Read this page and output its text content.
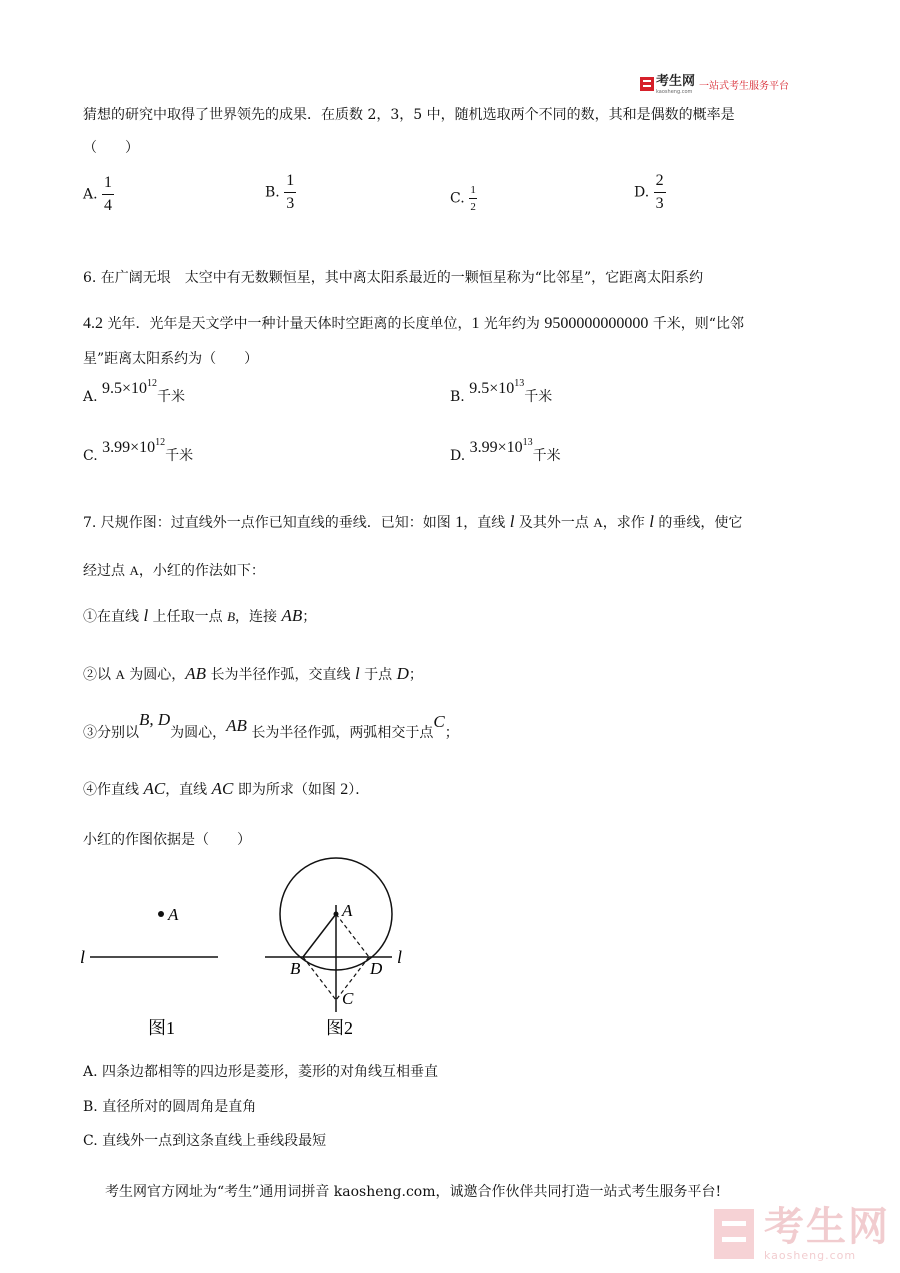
考生网
kaosheng.com
一站式考生服务平台
猜想的研究中取得了世界领先的成果．在质数 2，3，5 中，随机选取两个不同的数，其和是偶数的概率是
（　　）
A. $\frac{1}{4}$	B. $\frac{1}{3}$	C. $\frac{1}{2}$	D. $\frac{2}{3}$
6. 在广阔无垠　太空中有无数颗恒星，其中离太阳系最近的一颗恒星称为“比邻星”，它距离太阳系约
4.2 光年．光年是天文学中一种计量天体时空距离的长度单位，1 光年约为 9500000000000 千米，则“比邻
星”距离太阳系约为（　　）
A. $9.5\times 10^{12}$千米	B. $9.5\times 10^{13}$千米
C. $3.99\times 10^{12}$千米	D. $3.99\times 10^{13}$千米
7. 尺规作图：过直线外一点作已知直线的垂线．已知：如图 1，直线 l 及其外一点 A，求作 l 的垂线，使它
经过点 A，小红的作法如下：
①在直线 l 上任取一点 B，连接 AB；
②以 A 为圆心，AB 长为半径作弧，交直线 l 于点 D；
③分别以B, D为圆心，AB 长为半径作弧，两弧相交于点C；
④作直线 AC，直线 AC 即为所求（如图 2）．
小红的作图依据是（　　）
A
l
图1
A
B	D
C
l
图2
A. 四条边都相等的四边形是菱形，菱形的对角线互相垂直
B. 直径所对的圆周角是直角
C. 直线外一点到这条直线上垂线段最短
考生网官方网址为“考生”通用词拼音 kaosheng.com，诚邀合作伙伴共同打造一站式考生服务平台!
考生网
kaosheng.com
